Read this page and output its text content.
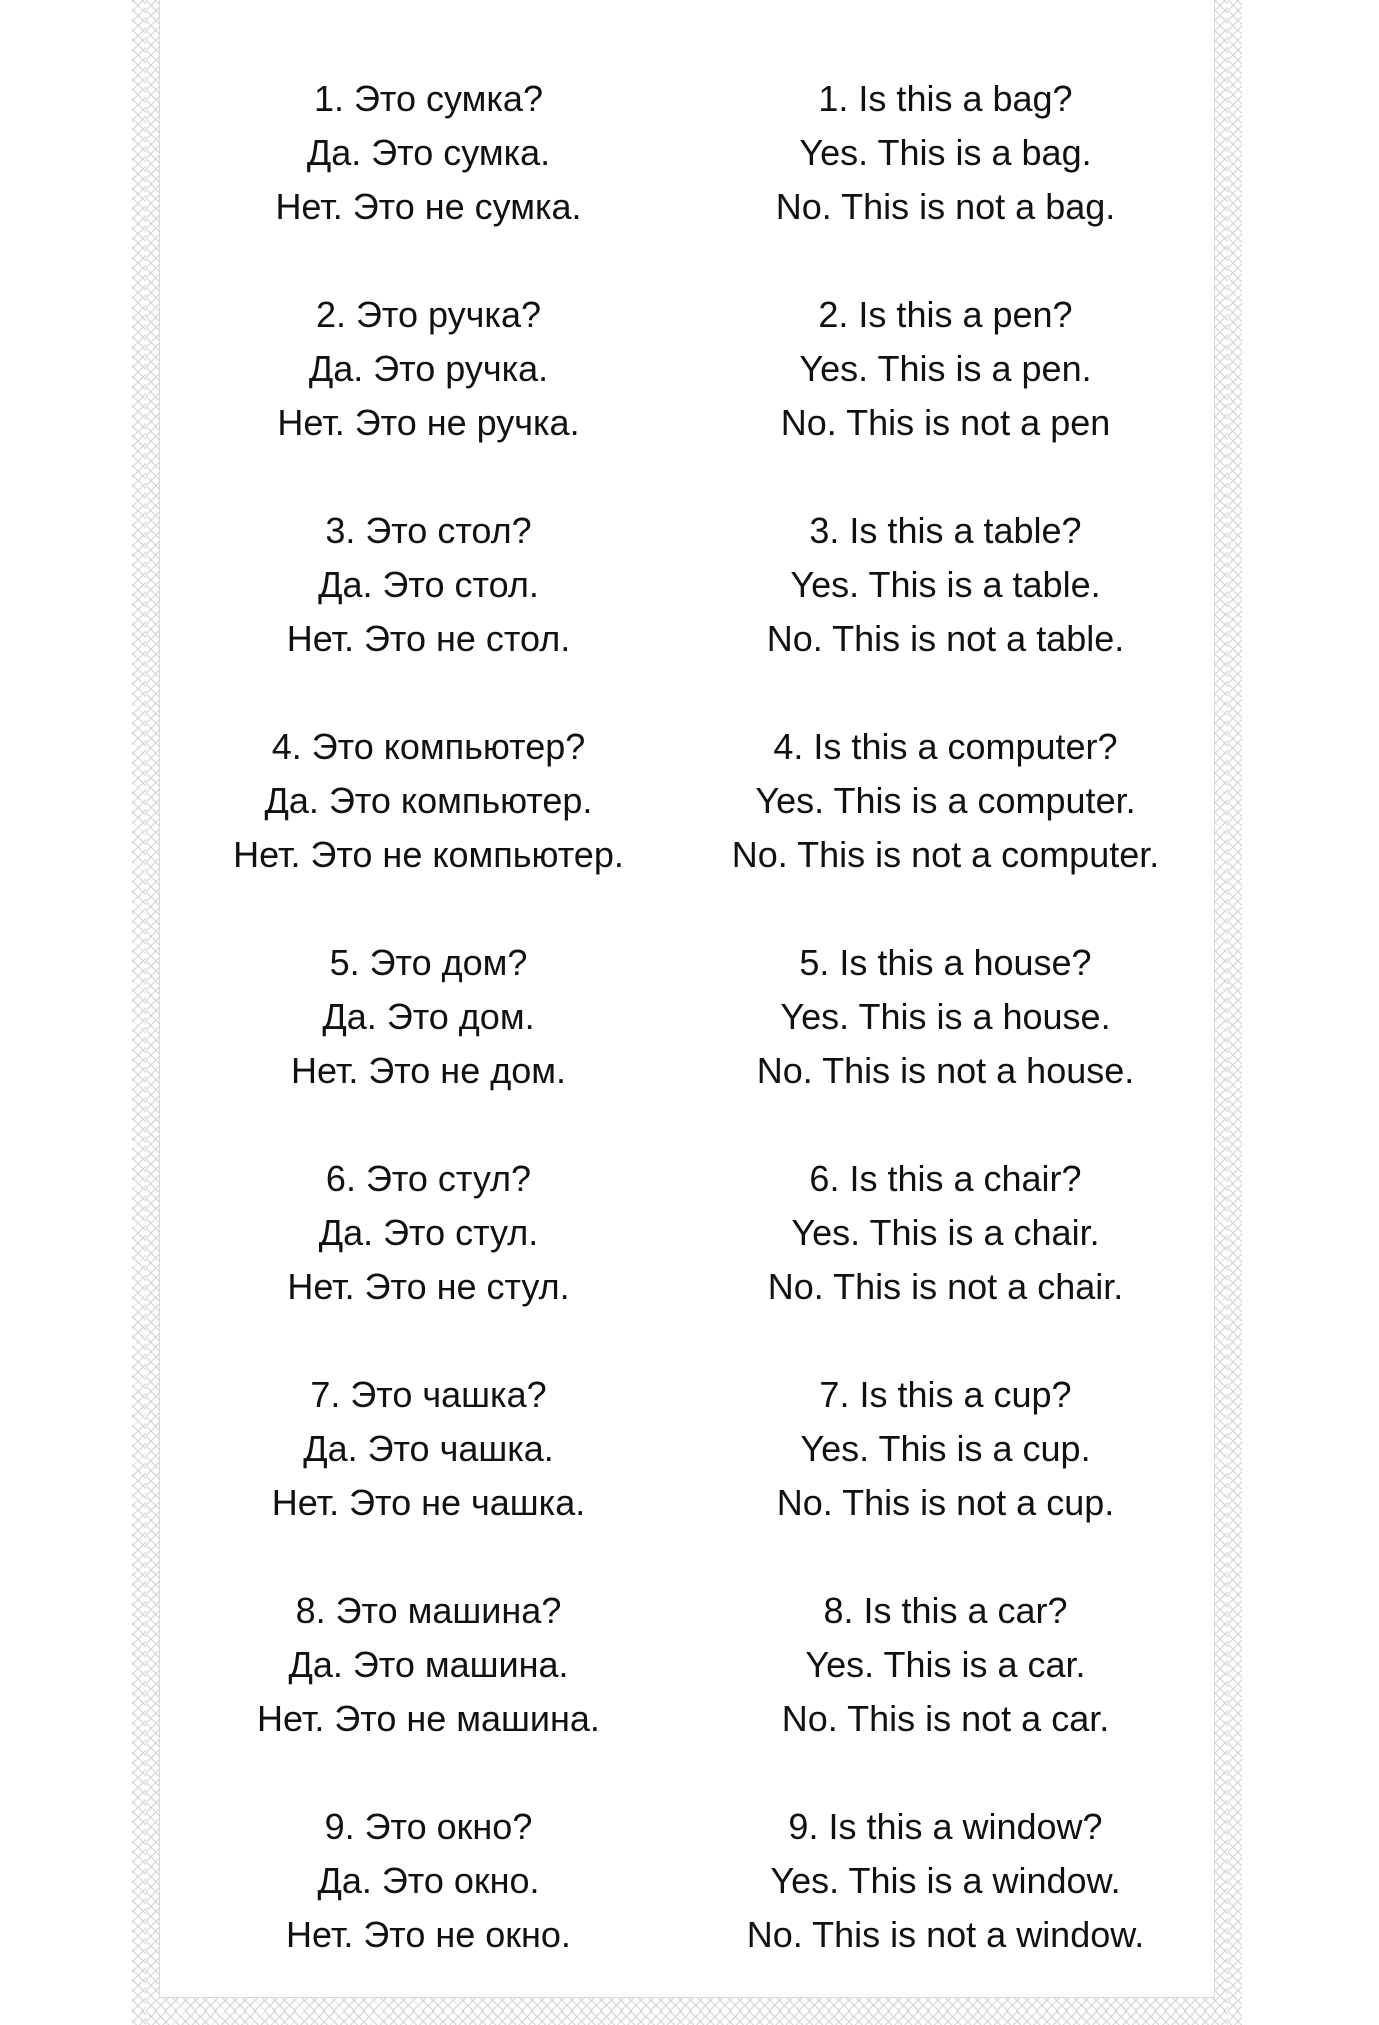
1. Это сумка?
Да. Это сумка.
Нет. Это не сумка.
2. Это ручка?
Да. Это ручка.
Нет. Это не ручка.
3. Это стол?
Да. Это стол.
Нет. Это не стол.
4. Это компьютер?
Да. Это компьютер.
Нет. Это не компьютер.
5. Это дом?
Да. Это дом.
Нет. Это не дом.
6. Это стул?
Да. Это стул.
Нет. Это не стул.
7. Это чашка?
Да. Это чашка.
Нет. Это не чашка.
8. Это машина?
Да. Это машина.
Нет. Это не машина.
9. Это окно?
Да. Это окно.
Нет. Это не окно.
1. Is this a bag?
Yes. This is a bag.
No. This is not a bag.
2. Is this a pen?
Yes. This is a pen.
No. This is not a pen
3. Is this a table?
Yes. This is a table.
No. This is not a table.
4. Is this a computer?
Yes. This is a computer.
No. This is not a computer.
5. Is this a house?
Yes. This is a house.
No. This is not a house.
6. Is this a chair?
Yes. This is a chair.
No. This is not a chair.
7. Is this a cup?
Yes. This is a cup.
No. This is not a cup.
8. Is this a car?
Yes. This is a car.
No. This is not a car.
9. Is this a window?
Yes. This is a window.
No. This is not a window.
